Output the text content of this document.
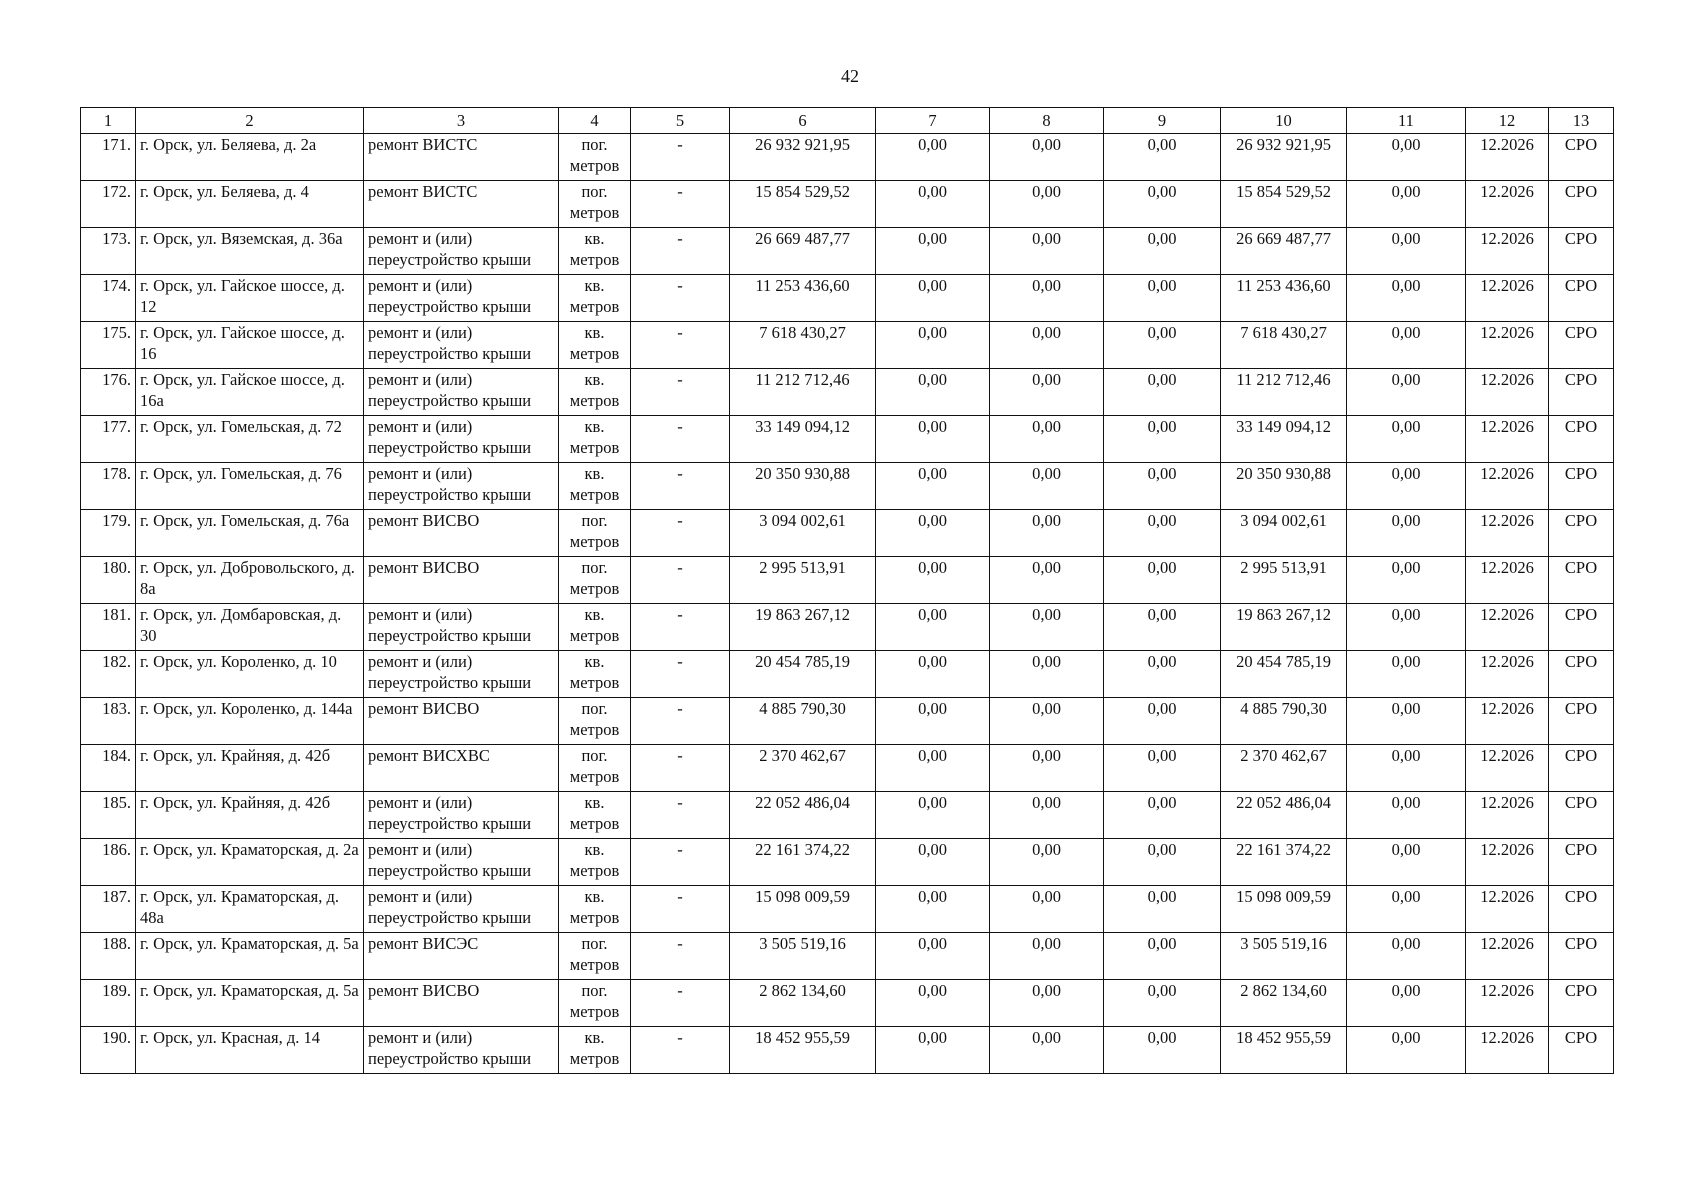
42
1	2	3	4	5	6	7	8	9	10	11	12	13
171.	г. Орск, ул. Беляева, д. 2а	ремонт ВИСТС	пог. метров	-	26 932 921,95	0,00	0,00	0,00	26 932 921,95	0,00	12.2026	СРО
172.	г. Орск, ул. Беляева, д. 4	ремонт ВИСТС	пог. метров	-	15 854 529,52	0,00	0,00	0,00	15 854 529,52	0,00	12.2026	СРО
173.	г. Орск, ул. Вяземская, д. 36а	ремонт и (или) переустройство крыши	кв. метров	-	26 669 487,77	0,00	0,00	0,00	26 669 487,77	0,00	12.2026	СРО
174.	г. Орск, ул. Гайское шоссе, д. 12	ремонт и (или) переустройство крыши	кв. метров	-	11 253 436,60	0,00	0,00	0,00	11 253 436,60	0,00	12.2026	СРО
175.	г. Орск, ул. Гайское шоссе, д. 16	ремонт и (или) переустройство крыши	кв. метров	-	7 618 430,27	0,00	0,00	0,00	7 618 430,27	0,00	12.2026	СРО
176.	г. Орск, ул. Гайское шоссе, д. 16а	ремонт и (или) переустройство крыши	кв. метров	-	11 212 712,46	0,00	0,00	0,00	11 212 712,46	0,00	12.2026	СРО
177.	г. Орск, ул. Гомельская, д. 72	ремонт и (или) переустройство крыши	кв. метров	-	33 149 094,12	0,00	0,00	0,00	33 149 094,12	0,00	12.2026	СРО
178.	г. Орск, ул. Гомельская, д. 76	ремонт и (или) переустройство крыши	кв. метров	-	20 350 930,88	0,00	0,00	0,00	20 350 930,88	0,00	12.2026	СРО
179.	г. Орск, ул. Гомельская, д. 76а	ремонт ВИСВО	пог. метров	-	3 094 002,61	0,00	0,00	0,00	3 094 002,61	0,00	12.2026	СРО
180.	г. Орск, ул. Добровольского, д. 8а	ремонт ВИСВО	пог. метров	-	2 995 513,91	0,00	0,00	0,00	2 995 513,91	0,00	12.2026	СРО
181.	г. Орск, ул. Домбаровская, д. 30	ремонт и (или) переустройство крыши	кв. метров	-	19 863 267,12	0,00	0,00	0,00	19 863 267,12	0,00	12.2026	СРО
182.	г. Орск, ул. Короленко, д. 10	ремонт и (или) переустройство крыши	кв. метров	-	20 454 785,19	0,00	0,00	0,00	20 454 785,19	0,00	12.2026	СРО
183.	г. Орск, ул. Короленко, д. 144а	ремонт ВИСВО	пог. метров	-	4 885 790,30	0,00	0,00	0,00	4 885 790,30	0,00	12.2026	СРО
184.	г. Орск, ул. Крайняя, д. 42б	ремонт ВИСХВС	пог. метров	-	2 370 462,67	0,00	0,00	0,00	2 370 462,67	0,00	12.2026	СРО
185.	г. Орск, ул. Крайняя, д. 42б	ремонт и (или) переустройство крыши	кв. метров	-	22 052 486,04	0,00	0,00	0,00	22 052 486,04	0,00	12.2026	СРО
186.	г. Орск, ул. Краматорская, д. 2а	ремонт и (или) переустройство крыши	кв. метров	-	22 161 374,22	0,00	0,00	0,00	22 161 374,22	0,00	12.2026	СРО
187.	г. Орск, ул. Краматорская, д. 48а	ремонт и (или) переустройство крыши	кв. метров	-	15 098 009,59	0,00	0,00	0,00	15 098 009,59	0,00	12.2026	СРО
188.	г. Орск, ул. Краматорская, д. 5а	ремонт ВИСЭС	пог. метров	-	3 505 519,16	0,00	0,00	0,00	3 505 519,16	0,00	12.2026	СРО
189.	г. Орск, ул. Краматорская, д. 5а	ремонт ВИСВО	пог. метров	-	2 862 134,60	0,00	0,00	0,00	2 862 134,60	0,00	12.2026	СРО
190.	г. Орск, ул. Красная, д. 14	ремонт и (или) переустройство крыши	кв. метров	-	18 452 955,59	0,00	0,00	0,00	18 452 955,59	0,00	12.2026	СРО
